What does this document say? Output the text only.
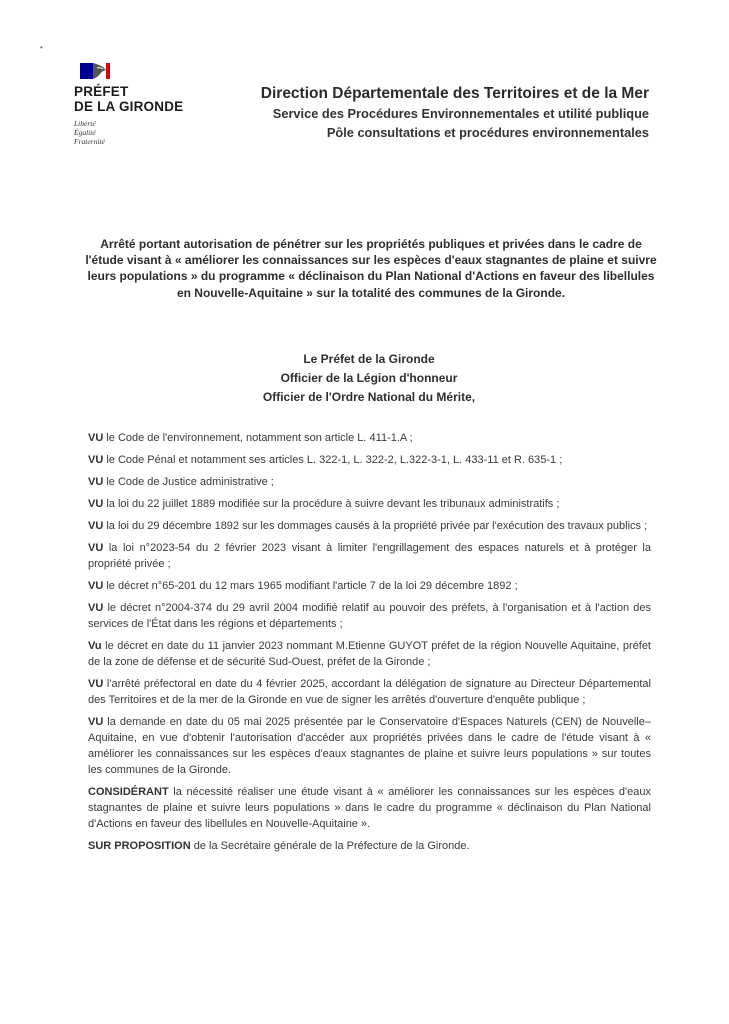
•
PRÉFET
DE LA GIRONDE
Liberté
Égalité
Fraternité
Direction Départementale des Territoires et de la Mer
Service des Procédures Environnementales et utilité publique
Pôle consultations et procédures environnementales
Arrêté portant autorisation de pénétrer sur les propriétés publiques et privées dans le cadre de l'étude visant à « améliorer les connaissances sur les espèces d'eaux stagnantes de plaine et suivre leurs populations » du programme « déclinaison du Plan National d'Actions en faveur des libellules en Nouvelle-Aquitaine » sur la totalité des communes de la Gironde.
Le Préfet de la Gironde
Officier de la Légion d'honneur
Officier de l'Ordre National du Mérite,

VU le Code de l'environnement, notamment son article L. 411-1.A ;

VU le Code Pénal et notamment ses articles L. 322-1, L. 322-2, L.322-3-1, L. 433-11 et R. 635-1 ;

VU le Code de Justice administrative ;

VU la loi du 22 juillet 1889 modifiée sur la procédure à suivre devant les tribunaux administratifs ;

VU la loi du 29 décembre 1892 sur les dommages causés à la propriété privée par l'exécution des travaux publics ;

VU la loi n°2023-54 du 2 février 2023 visant à limiter l'engrillagement des espaces naturels et à protéger la propriété privée ;

VU le décret n°65-201 du 12 mars 1965 modifiant l'article 7 de la loi 29 décembre 1892 ;

VU le décret n°2004-374 du 29 avril 2004 modifié relatif au pouvoir des préfets, à l'organisation et à l'action des services de l'État dans les régions et départements ;

Vu le décret en date du 11 janvier 2023 nommant M.Etienne GUYOT préfet de la région Nouvelle Aquitaine, préfet de la zone de défense et de sécurité Sud-Ouest, préfet de la Gironde ;

VU l'arrêté préfectoral en date du 4 février 2025, accordant la délégation de signature au Directeur Départemental des Territoires et de la mer de la Gironde en vue de signer les arrêtés d'ouverture d'enquête publique ;

VU la demande en date du 05 mai 2025 présentée par le Conservatoire d'Espaces Naturels (CEN) de Nouvelle–Aquitaine, en vue d'obtenir l'autorisation d'accéder aux propriétés privées dans le cadre de l'étude visant à « améliorer les connaissances sur les espèces d'eaux stagnantes de plaine et suivre leurs populations » sur toutes les communes de la Gironde.

CONSIDÉRANT la nécessité réaliser une étude visant à « améliorer les connaissances sur les espèces d'eaux stagnantes de plaine et suivre leurs populations » dans le cadre du programme « déclinaison du Plan National d'Actions en faveur des libellules en Nouvelle-Aquitaine ».

SUR PROPOSITION de la Secrétaire générale de la Préfecture de la Gironde.
